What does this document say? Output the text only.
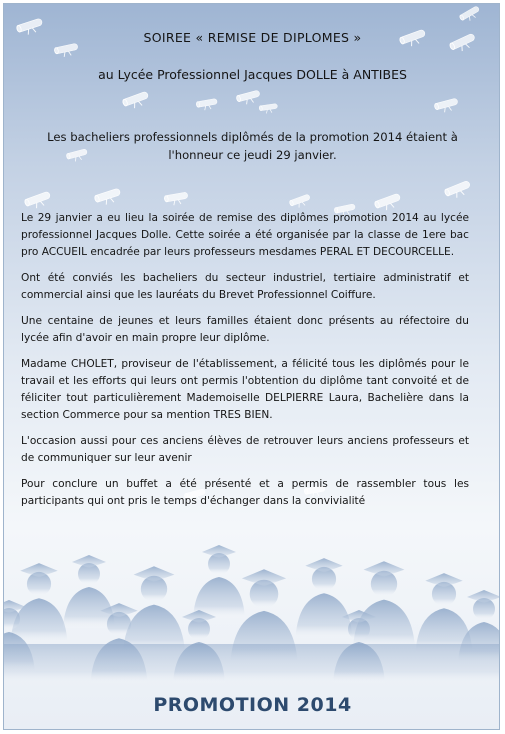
SOIREE « REMISE DE DIPLOMES »
au Lycée Professionnel Jacques DOLLE à ANTIBES
Les bacheliers professionnels diplômés de la promotion 2014 étaient à l'honneur ce jeudi 29 janvier.

Le 29 janvier a eu lieu la soirée de remise des diplômes promotion 2014 au lycée professionnel Jacques Dolle. Cette soirée a été organisée par la classe de 1ere bac pro ACCUEIL encadrée par leurs professeurs mesdames PERAL ET DECOURCELLE.

Ont été conviés les bacheliers du secteur industriel, tertiaire administratif et commercial ainsi que les lauréats du Brevet Professionnel Coiffure.

Une centaine de jeunes et leurs familles étaient donc présents au réfectoire du lycée afin d'avoir en main propre leur diplôme.

Madame CHOLET, proviseur de l'établissement, a félicité tous les diplômés pour le travail et les efforts qui leurs ont permis l'obtention du diplôme tant convoité et de féliciter tout particulièrement Mademoiselle DELPIERRE Laura, Bachelière dans la section Commerce pour sa mention TRES BIEN.

L'occasion aussi pour ces anciens élèves de retrouver leurs anciens professeurs et de communiquer sur leur avenir

Pour conclure un buffet a été présenté et a permis de rassembler tous les participants qui ont pris le temps d'échanger dans la convivialité

PROMOTION 2014
